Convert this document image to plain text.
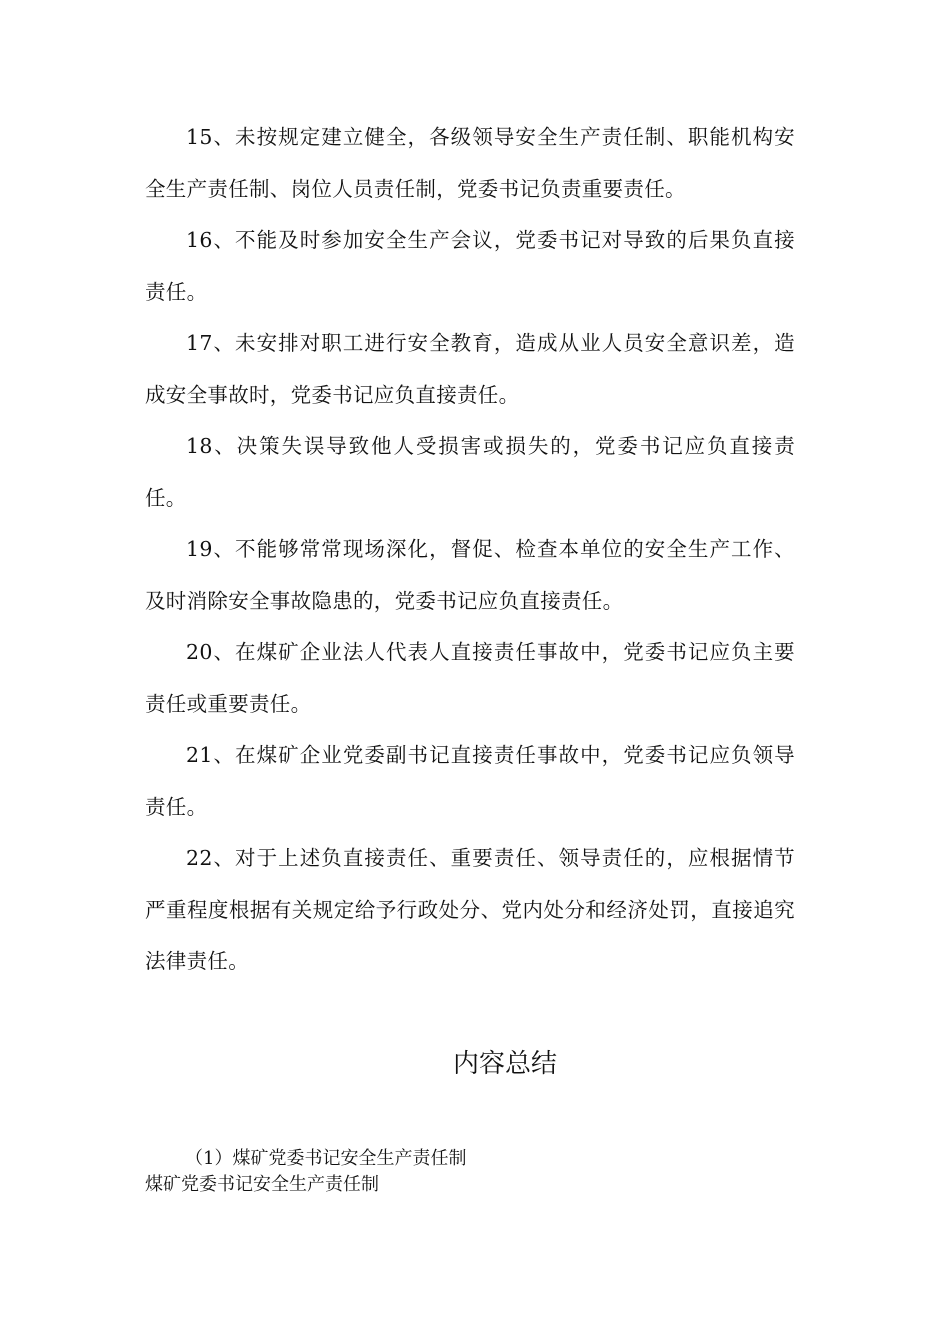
15、未按规定建立健全，各级领导安全生产责任制、职能机构安全生产责任制、岗位人员责任制，党委书记负责重要责任。

16、不能及时参加安全生产会议，党委书记对导致的后果负直接责任。

17、未安排对职工进行安全教育，造成从业人员安全意识差，造成安全事故时，党委书记应负直接责任。

18、决策失误导致他人受损害或损失的，党委书记应负直接责任。

19、不能够常常现场深化，督促、检查本单位的安全生产工作、及时消除安全事故隐患的，党委书记应负直接责任。

20、在煤矿企业法人代表人直接责任事故中，党委书记应负主要责任或重要责任。

21、在煤矿企业党委副书记直接责任事故中，党委书记应负领导责任。

22、对于上述负直接责任、重要责任、领导责任的，应根据情节严重程度根据有关规定给予行政处分、党内处分和经济处罚，直接追究法律责任。

内容总结

（1）煤矿党委书记安全生产责任制

煤矿党委书记安全生产责任制
